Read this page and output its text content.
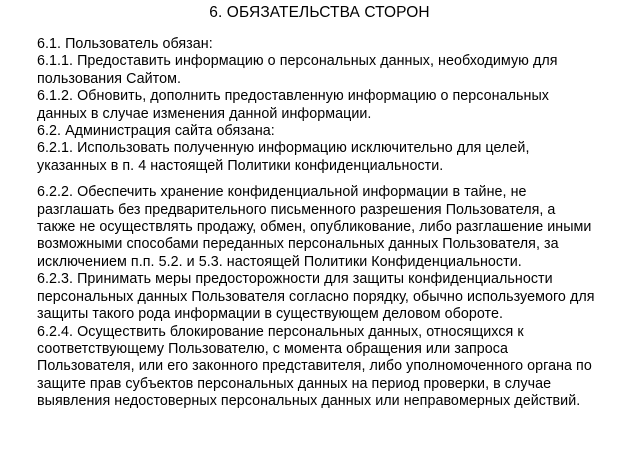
6. ОБЯЗАТЕЛЬСТВА СТОРОН
6.1. Пользователь обязан:
6.1.1. Предоставить информацию о персональных данных, необходимую для
пользования Сайтом.
6.1.2. Обновить, дополнить предоставленную информацию о персональных
данных в случае изменения данной информации.
6.2. Администрация сайта обязана:
6.2.1. Использовать полученную информацию исключительно для целей,
указанных в п. 4 настоящей Политики конфиденциальности.
6.2.2. Обеспечить хранение конфиденциальной информации в тайне, не
разглашать без предварительного письменного разрешения Пользователя, а
также не осуществлять продажу, обмен, опубликование, либо разглашение иными
возможными способами переданных персональных данных Пользователя, за
исключением п.п. 5.2. и 5.3. настоящей Политики Конфиденциальности.
6.2.3. Принимать меры предосторожности для защиты конфиденциальности
персональных данных Пользователя согласно порядку, обычно используемого для
защиты такого рода информации в существующем деловом обороте.
6.2.4. Осуществить блокирование персональных данных, относящихся к
соответствующему Пользователю, с момента обращения или запроса
Пользователя, или его законного представителя, либо уполномоченного органа по
защите прав субъектов персональных данных на период проверки, в случае
выявления недостоверных персональных данных или неправомерных действий.
